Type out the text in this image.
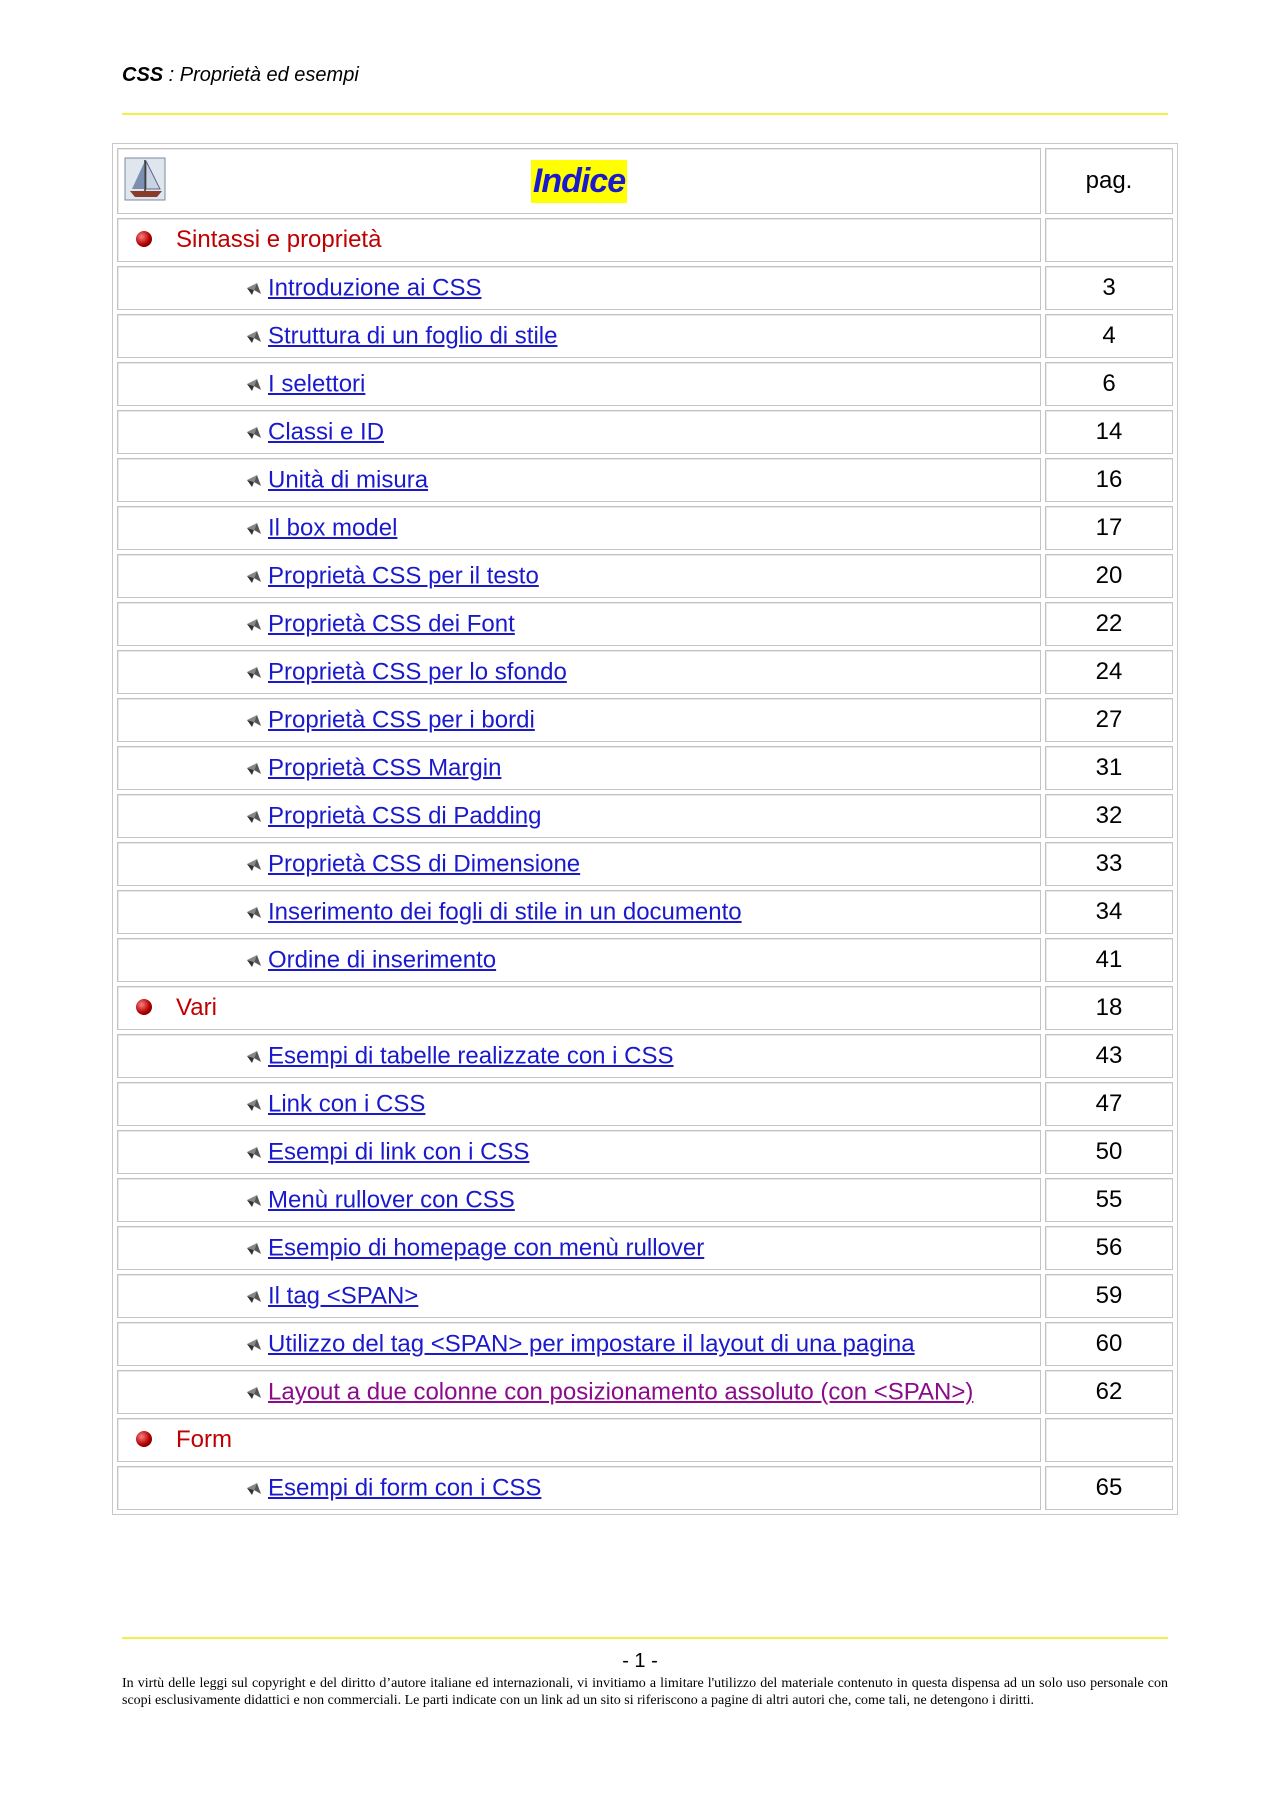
CSS : Proprietà ed esempi
Indice	pag.
Sintassi e proprietà	
Introduzione ai CSS	3
Struttura di un foglio di stile	4
I selettori	6
Classi e ID	14
Unità di misura	16
Il box model	17
Proprietà CSS per il testo	20
Proprietà CSS dei Font	22
Proprietà CSS per lo sfondo	24
Proprietà CSS per i bordi	27
Proprietà CSS Margin	31
Proprietà CSS di Padding	32
Proprietà CSS di Dimensione	33
Inserimento dei fogli di stile in un documento	34
Ordine di inserimento	41
Vari	18
Esempi di tabelle realizzate con i CSS	43
Link con i CSS	47
Esempi di link con i CSS	50
Menù rullover con CSS	55
Esempio di homepage con menù rullover	56
Il tag <SPAN>	59
Utilizzo del tag <SPAN> per impostare il layout di una pagina	60
Layout a due colonne con posizionamento assoluto (con <SPAN>)	62
Form	
Esempi di form con i CSS	65
- 1 -
In virtù delle leggi sul copyright e del diritto d’autore italiane ed internazionali, vi invitiamo a limitare l'utilizzo del materiale contenuto in questa dispensa ad un solo uso personale con scopi esclusivamente didattici e non commerciali. Le parti indicate con un link ad un sito si riferiscono a pagine di altri autori che, come tali, ne detengono i diritti.
